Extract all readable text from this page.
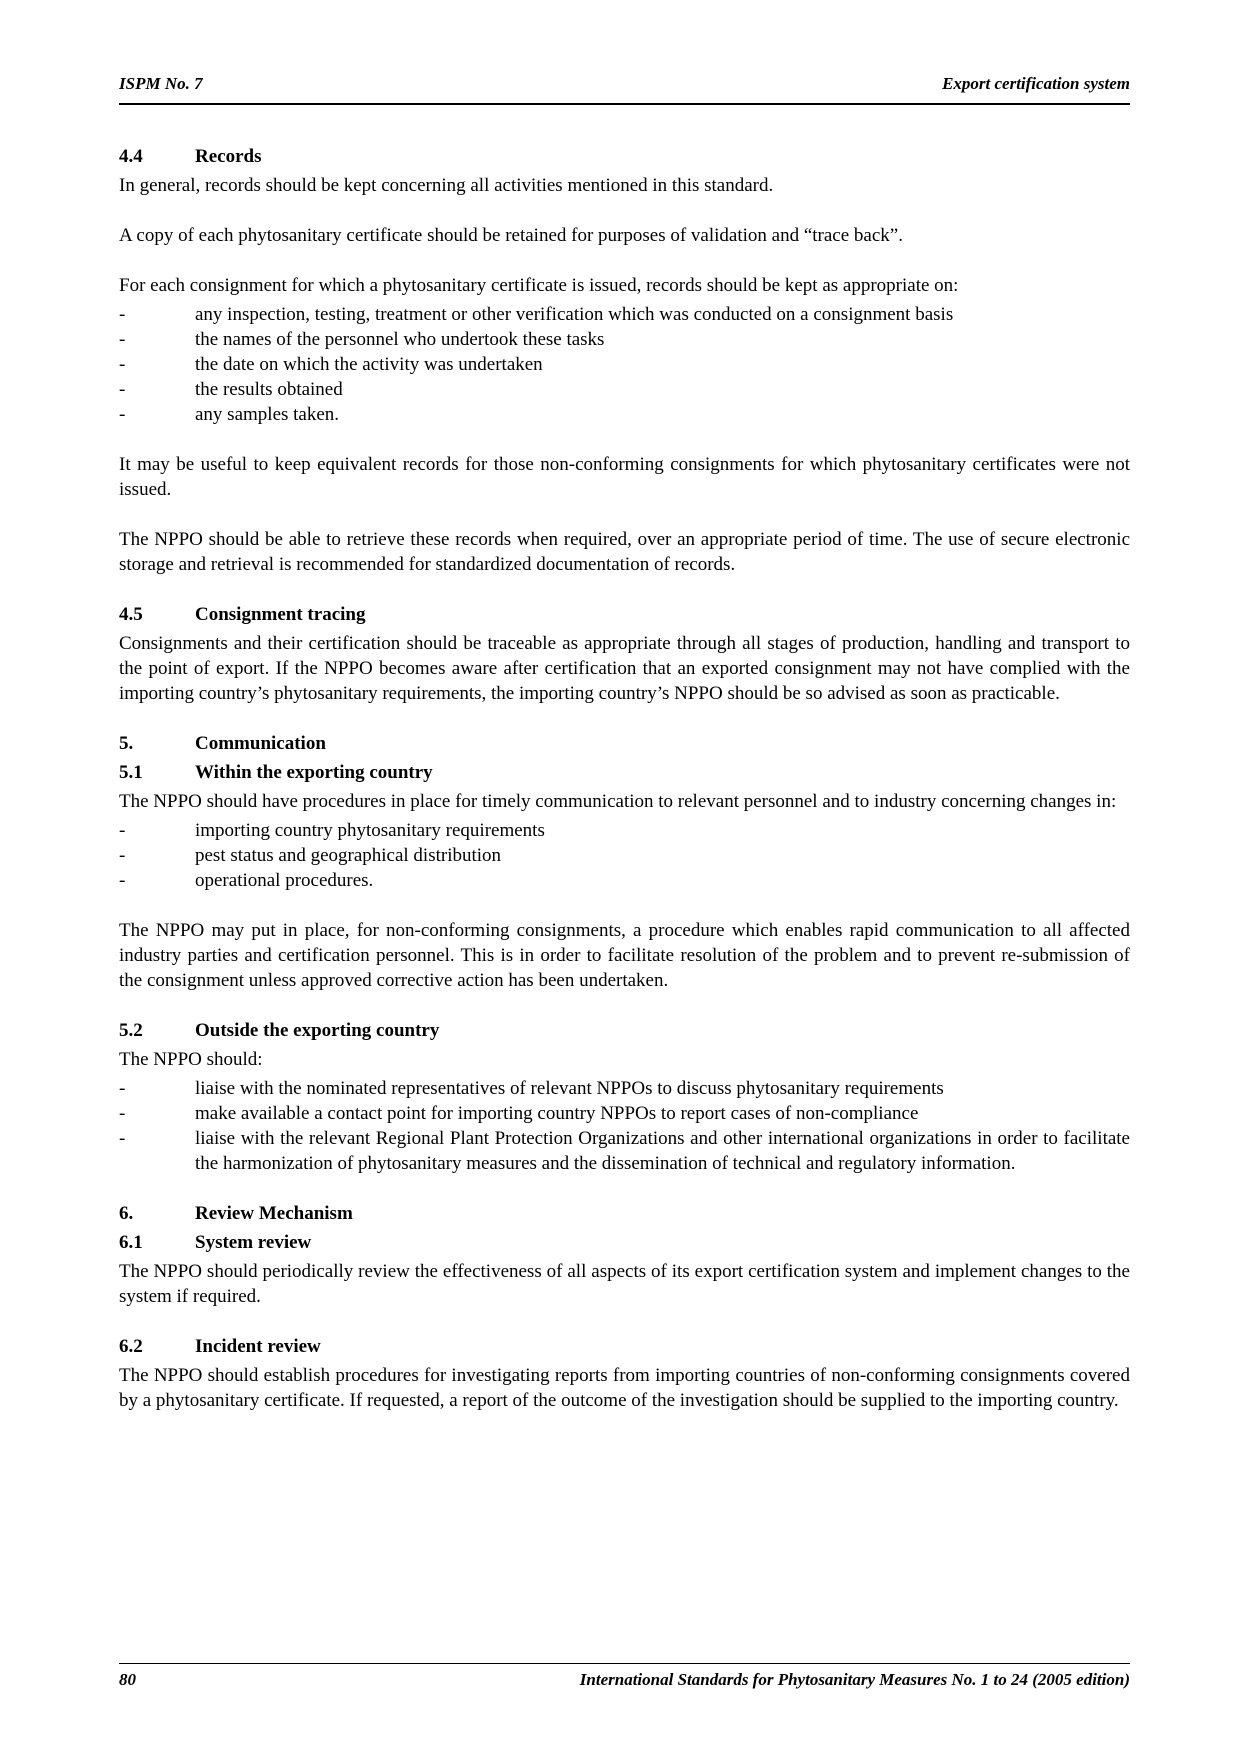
ISPM No. 7	Export certification system
4.4	Records

In general, records should be kept concerning all activities mentioned in this standard.

A copy of each phytosanitary certificate should be retained for purposes of validation and “trace back”.

For each consignment for which a phytosanitary certificate is issued, records should be kept as appropriate on:

-	any inspection, testing, treatment or other verification which was conducted on a consignment basis
-	the names of the personnel who undertook these tasks
-	the date on which the activity was undertaken
-	the results obtained
-	any samples taken.

It may be useful to keep equivalent records for those non-conforming consignments for which phytosanitary certificates were not issued.

The NPPO should be able to retrieve these records when required, over an appropriate period of time. The use of secure electronic storage and retrieval is recommended for standardized documentation of records.

4.5	Consignment tracing

Consignments and their certification should be traceable as appropriate through all stages of production, handling and transport to the point of export. If the NPPO becomes aware after certification that an exported consignment may not have complied with the importing country’s phytosanitary requirements, the importing country’s NPPO should be so advised as soon as practicable.

5.	Communication
5.1	Within the exporting country

The NPPO should have procedures in place for timely communication to relevant personnel and to industry concerning changes in:

-	importing country phytosanitary requirements
-	pest status and geographical distribution
-	operational procedures.

The NPPO may put in place, for non-conforming consignments, a procedure which enables rapid communication to all affected industry parties and certification personnel. This is in order to facilitate resolution of the problem and to prevent re-submission of the consignment unless approved corrective action has been undertaken.

5.2	Outside the exporting country

The NPPO should:

-	liaise with the nominated representatives of relevant NPPOs to discuss phytosanitary requirements
-	make available a contact point for importing country NPPOs to report cases of non-compliance
-	liaise with the relevant Regional Plant Protection Organizations and other international organizations in order to facilitate the harmonization of phytosanitary measures and the dissemination of technical and regulatory information.
6.	Review Mechanism
6.1	System review

The NPPO should periodically review the effectiveness of all aspects of its export certification system and implement changes to the system if required.

6.2	Incident review

The NPPO should establish procedures for investigating reports from importing countries of non-conforming consignments covered by a phytosanitary certificate. If requested, a report of the outcome of the investigation should be supplied to the importing country.

80	International Standards for Phytosanitary Measures No. 1 to 24 (2005 edition)
